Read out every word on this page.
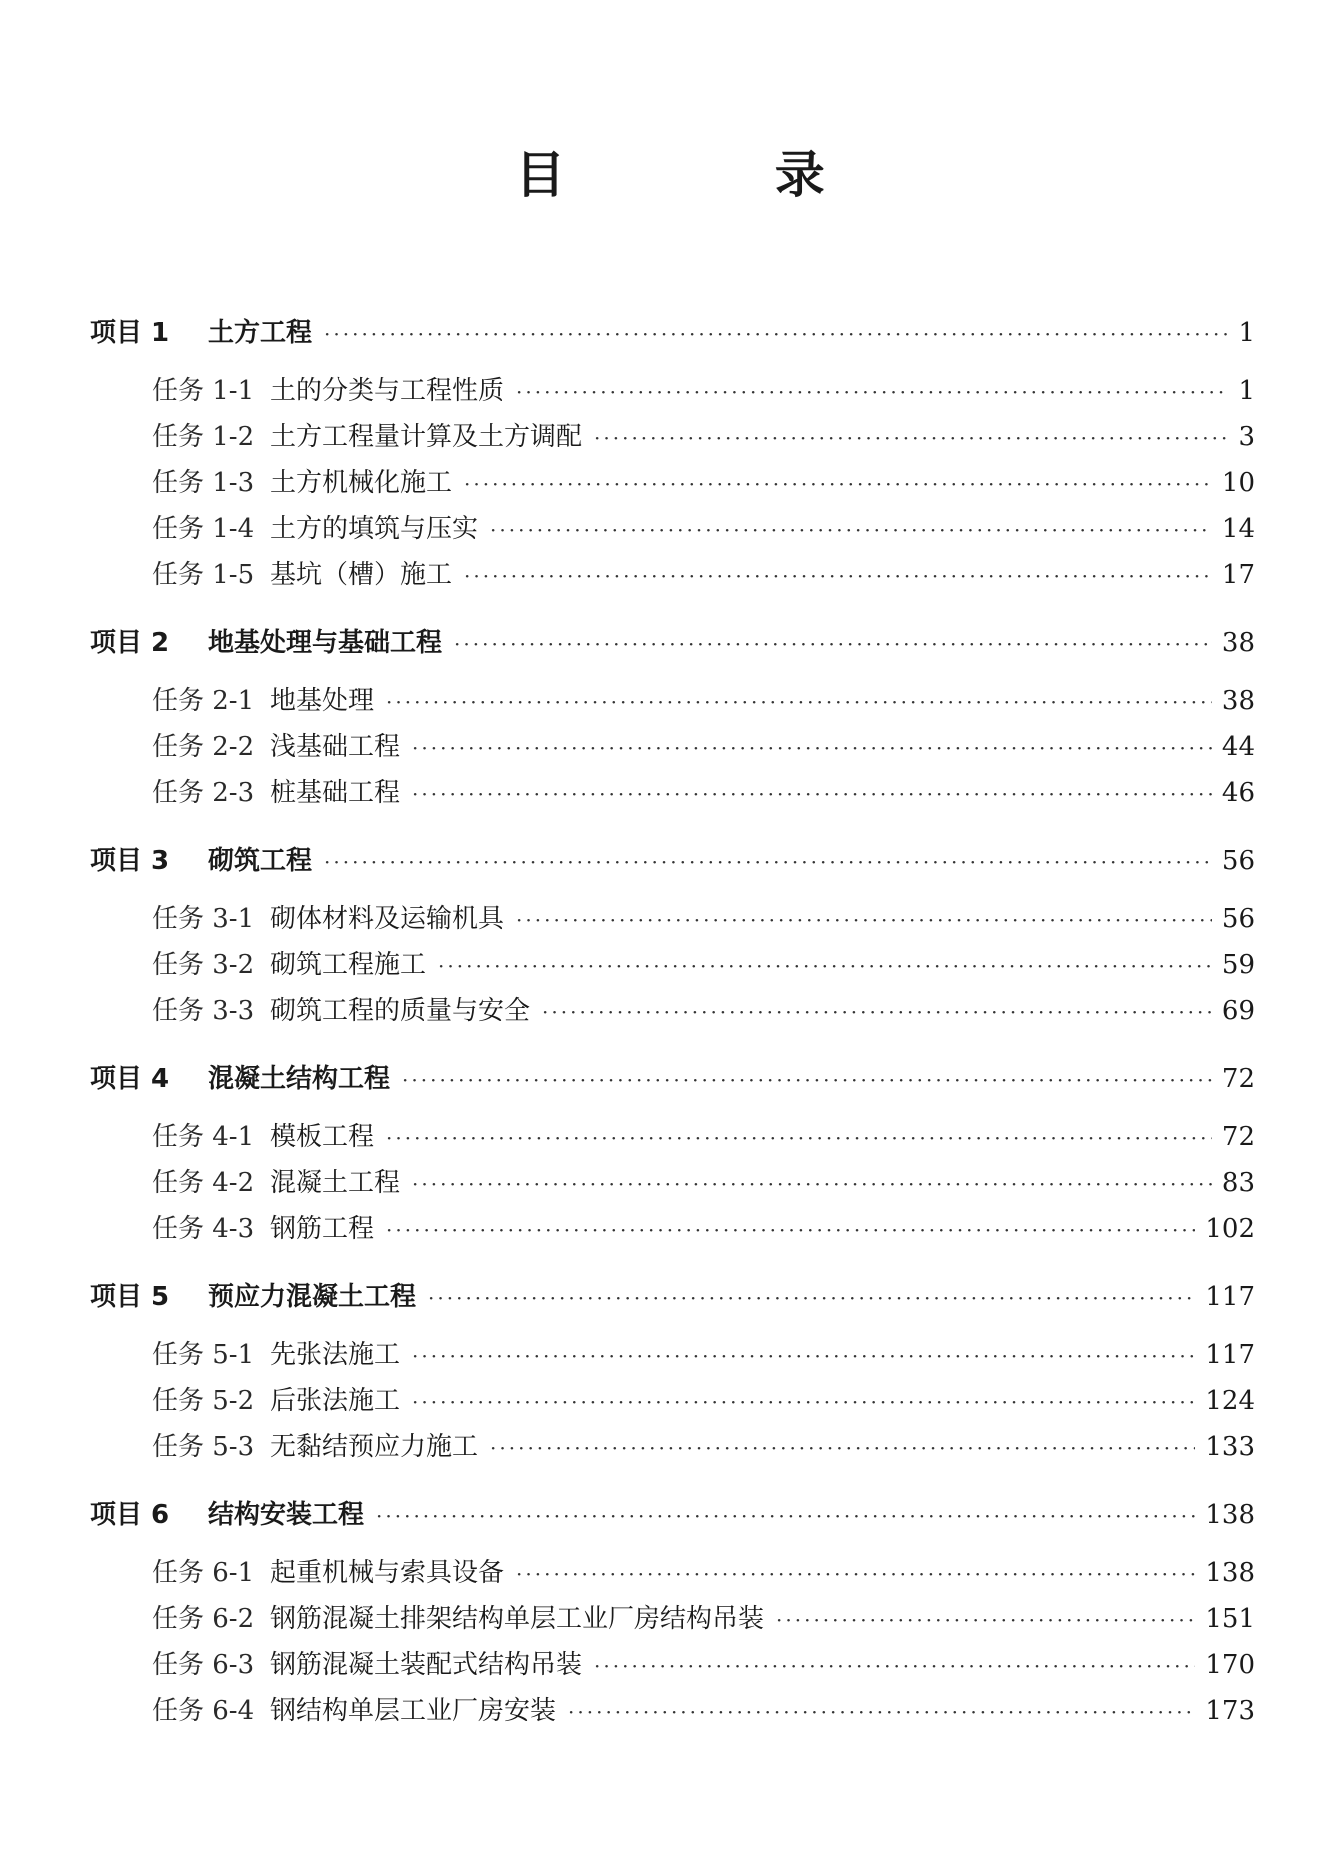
目 录
项目 1	土方工程 ·····	1
任务 1-1 土的分类与工程性质 ·····	1
任务 1-2 土方工程量计算及土方调配 ·····	3
任务 1-3 土方机械化施工 ·····	10
任务 1-4 土方的填筑与压实 ·····	14
任务 1-5 基坑（槽）施工 ·····	17
项目 2	地基处理与基础工程 ·····	38
任务 2-1 地基处理 ·····	38
任务 2-2 浅基础工程 ·····	44
任务 2-3 桩基础工程 ·····	46
项目 3	砌筑工程 ·····	56
任务 3-1 砌体材料及运输机具 ·····	56
任务 3-2 砌筑工程施工 ·····	59
任务 3-3 砌筑工程的质量与安全 ·····	69
项目 4	混凝土结构工程 ·····	72
任务 4-1 模板工程 ·····	72
任务 4-2 混凝土工程 ·····	83
任务 4-3 钢筋工程 ·····	102
项目 5	预应力混凝土工程 ·····	117
任务 5-1 先张法施工 ·····	117
任务 5-2 后张法施工 ·····	124
任务 5-3 无黏结预应力施工 ·····	133
项目 6	结构安装工程 ·····	138
任务 6-1 起重机械与索具设备 ·····	138
任务 6-2 钢筋混凝土排架结构单层工业厂房结构吊装 ·····	151
任务 6-3 钢筋混凝土装配式结构吊装 ·····	170
任务 6-4 钢结构单层工业厂房安装 ·····	173
